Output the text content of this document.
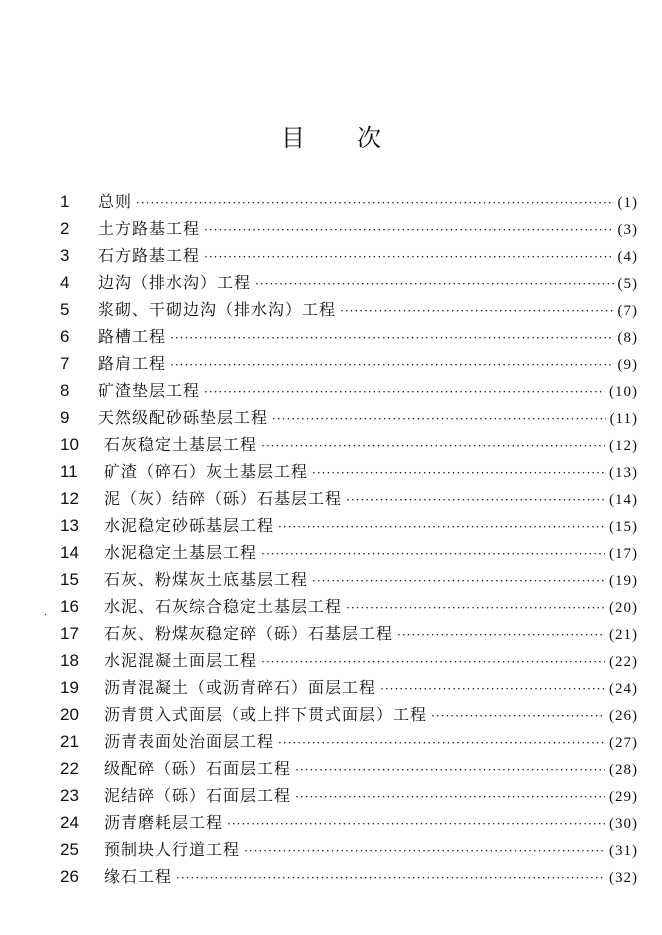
目 次
·
1	总则 ·····	(1)
2	土方路基工程 ·····	(3)
3	石方路基工程 ·····	(4)
4	边沟（排水沟）工程 ·····	(5)
5	浆砌、干砌边沟（排水沟）工程 ·····	(7)
6	路槽工程 ·····	(8)
7	路肩工程 ·····	(9)
8	矿渣垫层工程 ·····	(10)
9	天然级配砂砾垫层工程 ·····	(11)
10	石灰稳定土基层工程 ·····	(12)
11	矿渣（碎石）灰土基层工程 ·····	(13)
12	泥（灰）结碎（砾）石基层工程 ·····	(14)
13	水泥稳定砂砾基层工程 ·····	(15)
14	水泥稳定土基层工程 ·····	(17)
15	石灰、粉煤灰土底基层工程 ·····	(19)
16	水泥、石灰综合稳定土基层工程 ·····	(20)
17	石灰、粉煤灰稳定碎（砾）石基层工程 ·····	(21)
18	水泥混凝土面层工程 ·····	(22)
19	沥青混凝土（或沥青碎石）面层工程 ·····	(24)
20	沥青贯入式面层（或上拌下贯式面层）工程 ·····	(26)
21	沥青表面处治面层工程 ·····	(27)
22	级配碎（砾）石面层工程 ·····	(28)
23	泥结碎（砾）石面层工程 ·····	(29)
24	沥青磨耗层工程 ·····	(30)
25	预制块人行道工程 ·····	(31)
26	缘石工程 ·····	(32)
